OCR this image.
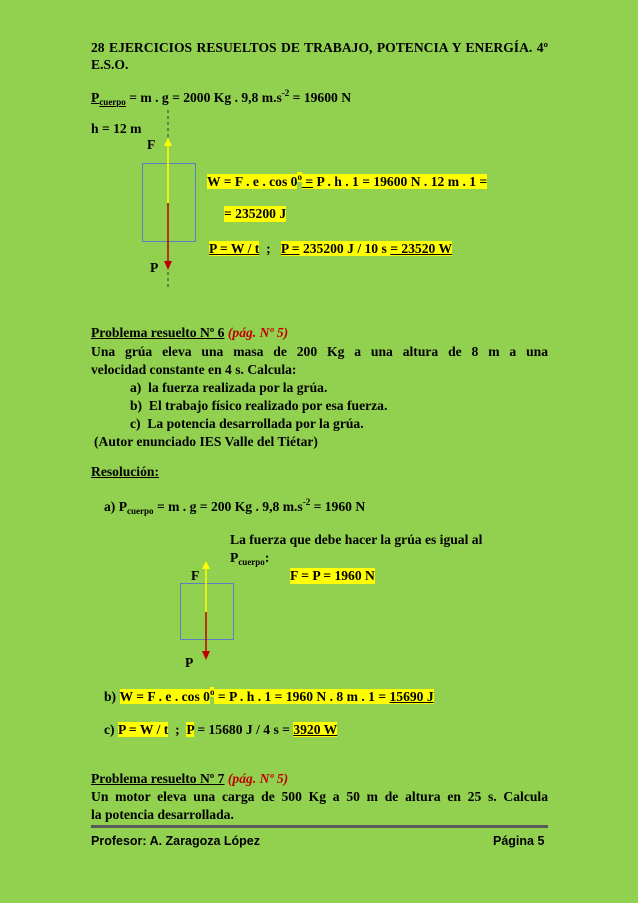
28 EJERCICIOS RESUELTOS DE TRABAJO, POTENCIA Y ENERGÍA. 4º
E.S.O.
$P_{cuerpo} = m$ . g = 2000 Kg . 9,8 $m.s^{-2} = 19600$ N
h = 12 m
F
P
W = F . e . $\cos 0^o = P$ . h . 1 = 19600 N . 12 m . 1 =
= 235200 J
P = W / t  ;   P = 235200 J / 10 s = 23520 W
Problema resuelto Nº 6 (pág. Nº 5)
Una grúa eleva una masa de 200 Kg a una altura de 8 m a una
velocidad constante en 4 s. Calcula:
a) la fuerza realizada por la grúa.
b) El trabajo físico realizado por esa fuerza.
c) La potencia desarrollada por la grúa.
(Autor enunciado IES Valle del Tiétar)
Resolución:
a) $P_{cuerpo} = m$ . g = 200 Kg . 9,8 $m.s^{-2} = 1960$ N
La fuerza que debe hacer la grúa es igual al
$P_{cuerpo}$:
F = P = 1960 N
F
P
b) W = F . e . $\cos 0^o = P$ . h . 1 = 1960 N . 8 m . 1 = 15690 J
c) P = W / t  ;  P = 15680 J / 4 s = 3920 W
Problema resuelto Nº 7 (pág. Nº 5)
Un motor eleva una carga de 500 Kg a 50 m de altura en 25 s. Calcula
la potencia desarrollada.
Profesor: A. Zaragoza López	Página 5
